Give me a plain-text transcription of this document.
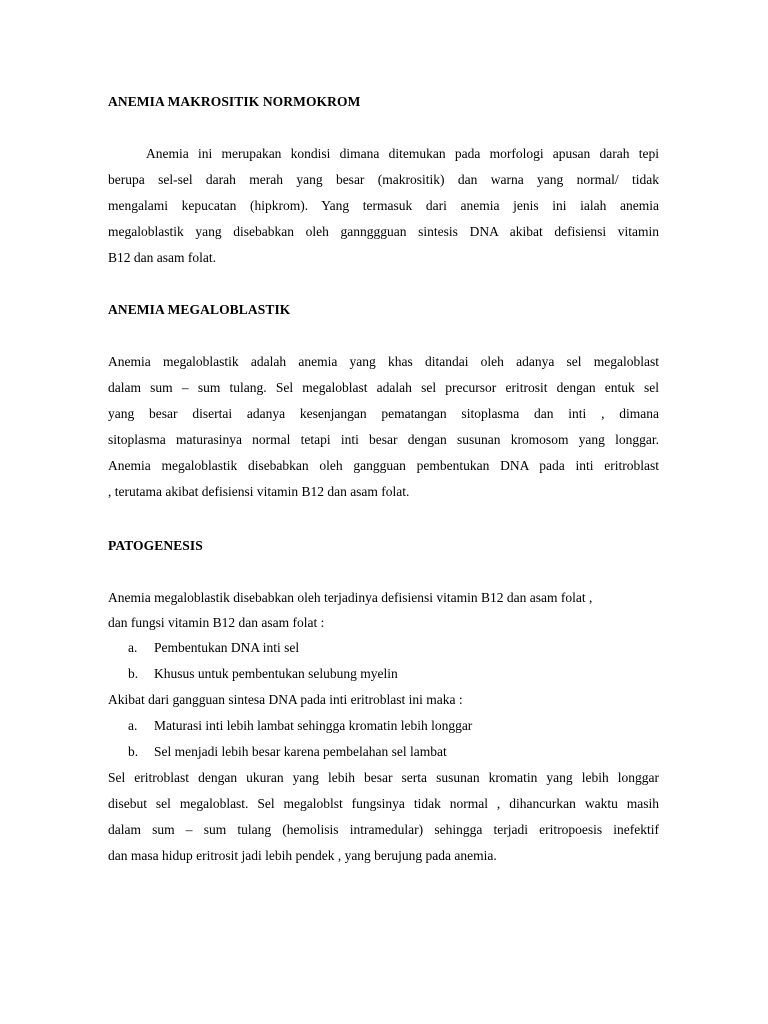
ANEMIA MAKROSITIK NORMOKROM
Anemia ini merupakan kondisi dimana ditemukan pada morfologi apusan darah tepi
berupa sel-sel darah merah yang besar (makrositik) dan warna yang normal/ tidak
mengalami kepucatan (hipkrom). Yang termasuk dari anemia jenis ini ialah anemia
megaloblastik yang disebabkan oleh gannggguan sintesis DNA akibat defisiensi vitamin
B12 dan asam folat.
ANEMIA MEGALOBLASTIK
Anemia megaloblastik adalah anemia yang khas ditandai oleh adanya sel megaloblast
dalam sum – sum tulang. Sel megaloblast adalah sel precursor eritrosit dengan entuk sel
yang besar disertai adanya kesenjangan pematangan sitoplasma dan inti , dimana
sitoplasma maturasinya normal tetapi inti besar dengan susunan kromosom yang longgar.
Anemia megaloblastik disebabkan oleh gangguan pembentukan DNA pada inti eritroblast
, terutama akibat defisiensi vitamin B12 dan asam folat.
PATOGENESIS
Anemia megaloblastik disebabkan oleh terjadinya defisiensi vitamin B12 dan asam folat ,
dan fungsi vitamin B12 dan asam folat :
a. Pembentukan DNA inti sel
b. Khusus untuk pembentukan selubung myelin
Akibat dari gangguan sintesa DNA pada inti eritroblast ini maka :
a. Maturasi inti lebih lambat sehingga kromatin lebih longgar
b. Sel menjadi lebih besar karena pembelahan sel lambat
Sel eritroblast dengan ukuran yang lebih besar serta susunan kromatin yang lebih longgar
disebut sel megaloblast. Sel megaloblst fungsinya tidak normal , dihancurkan waktu masih
dalam sum – sum tulang (hemolisis intramedular) sehingga terjadi eritropoesis inefektif
dan masa hidup eritrosit jadi lebih pendek , yang berujung pada anemia.
